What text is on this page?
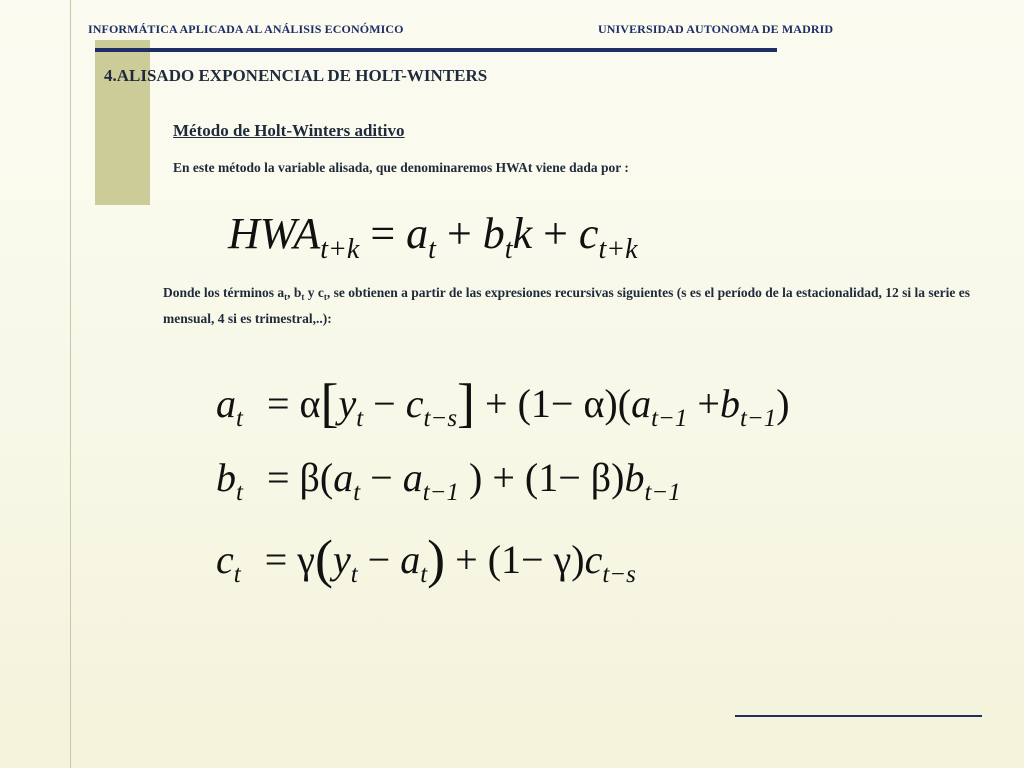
INFORMÁTICA APLICADA AL ANÁLISIS ECONÓMICO	UNIVERSIDAD AUTONOMA DE MADRID
4.ALISADO EXPONENCIAL DE HOLT-WINTERS
Método de Holt-Winters aditivo
En este método la variable alisada, que denominaremos HWAt viene dada por :
$HWA_{t+k} = a_t + b_tk + c_{t+k}$
Donde los términos $a_t$, $b_t$ y $c_t$, se obtienen a partir de las expresiones recursivas siguientes (s es el período de la estacionalidad, 12 si la serie es mensual, 4 si es trimestral,..):
$a_t = \alpha[y_t - c_{t-s}] + (1- \alpha)(a_{t-1} +b_{t-1})$
$b_t = \beta(a_t - a_{t-1}$ ) + $(1- \beta)b_{t-1}$
$c_t = \gamma(y_t - a_t) + (1- \gamma)c_{t-s}$
